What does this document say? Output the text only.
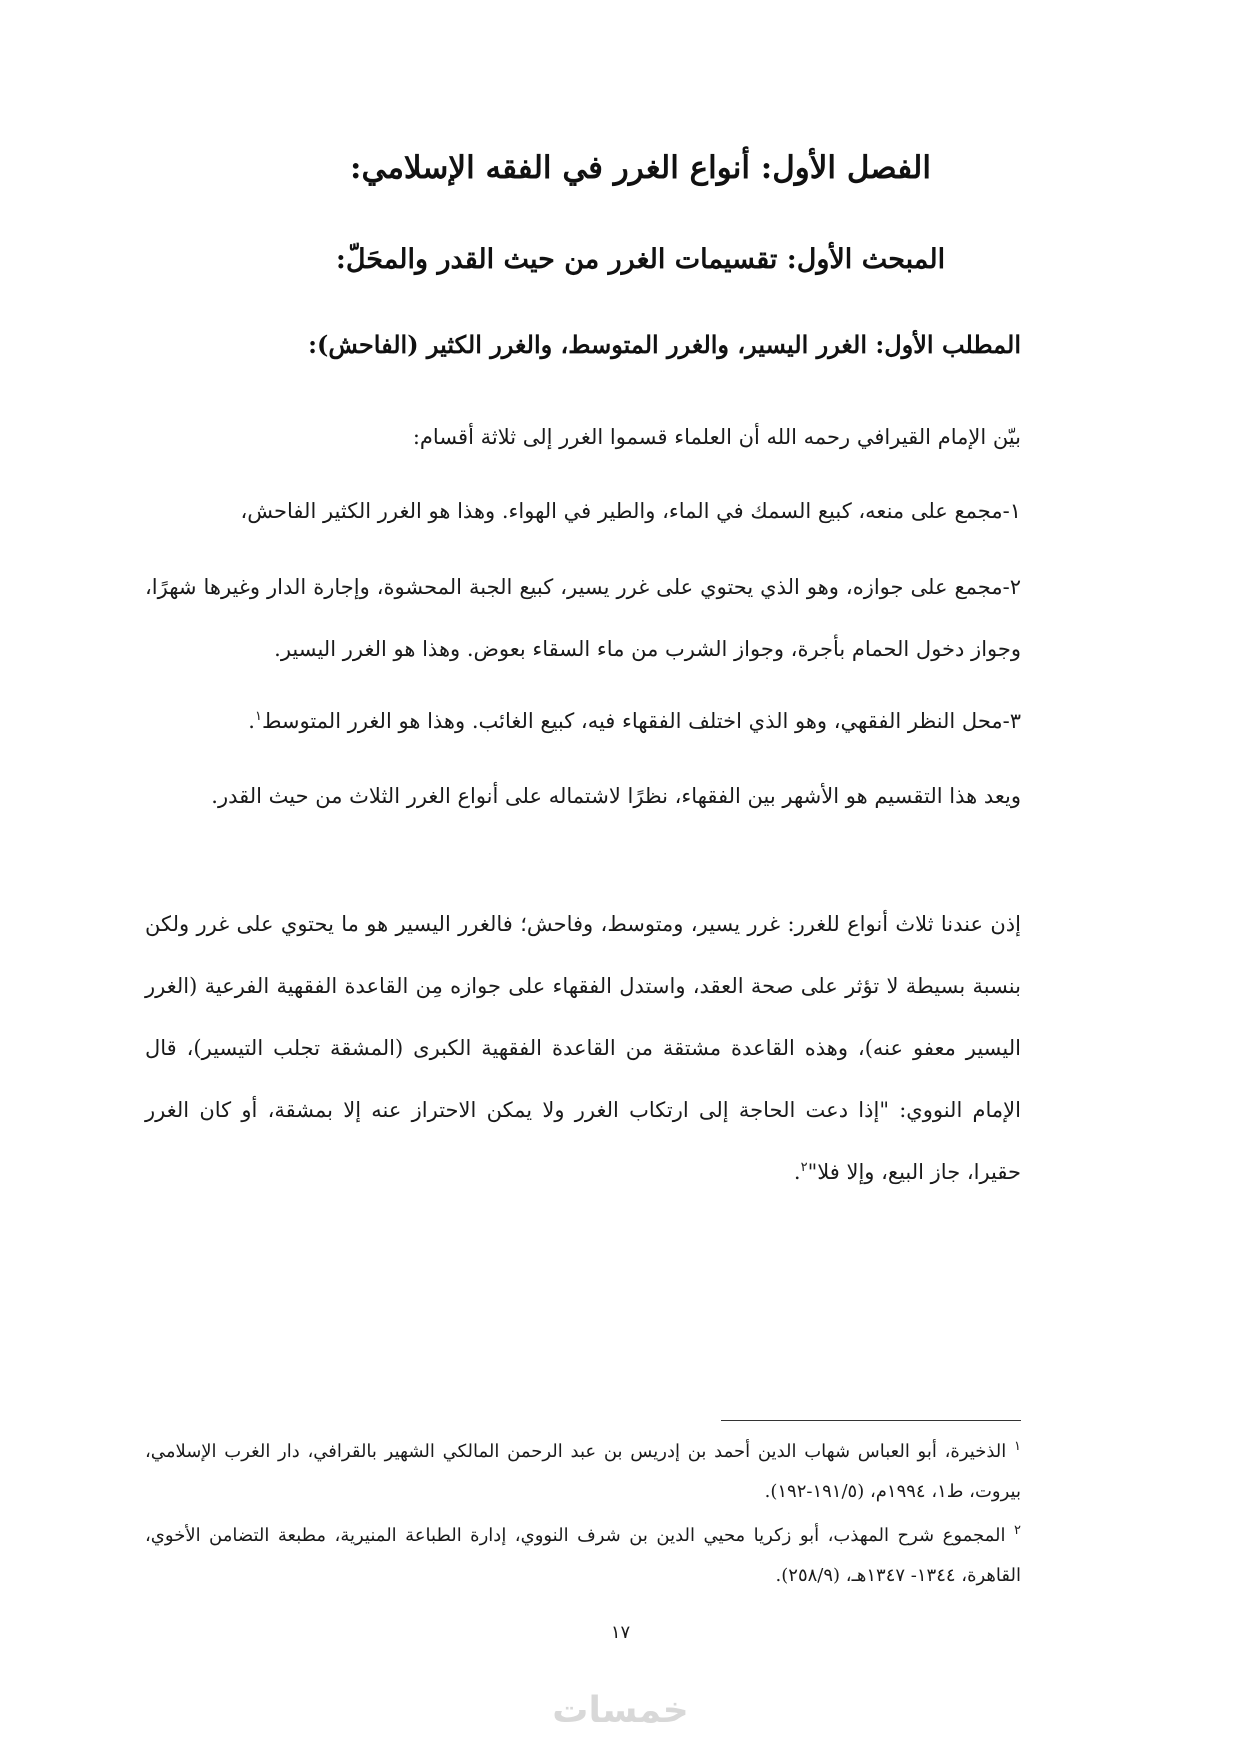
الفصل الأول: أنواع الغرر في الفقه الإسلامي:
المبحث الأول: تقسيمات الغرر من حيث القدر والمحَلّ:
المطلب الأول: الغرر اليسير، والغرر المتوسط، والغرر الكثير (الفاحش):

بيّن الإمام القيرافي رحمه الله أن العلماء قسموا الغرر إلى ثلاثة أقسام:

١-مجمع على منعه، كبيع السمك في الماء، والطير في الهواء. وهذا هو الغرر الكثير الفاحش،

٢-مجمع على جوازه، وهو الذي يحتوي على غرر يسير، كبيع الجبة المحشوة، وإجارة الدار وغيرها شهرًا، وجواز دخول الحمام بأجرة، وجواز الشرب من ماء السقاء بعوض. وهذا هو الغرر اليسير.

٣-محل النظر الفقهي، وهو الذي اختلف الفقهاء فيه، كبيع الغائب. وهذا هو الغرر المتوسط$^١$.

ويعد هذا التقسيم هو الأشهر بين الفقهاء، نظرًا لاشتماله على أنواع الغرر الثلاث من حيث القدر.

إذن عندنا ثلاث أنواع للغرر: غرر يسير، ومتوسط، وفاحش؛ فالغرر اليسير هو ما يحتوي على غرر ولكن بنسبة بسيطة لا تؤثر على صحة العقد، واستدل الفقهاء على جوازه مِن القاعدة الفقهية الفرعية (الغرر اليسير معفو عنه)، وهذه القاعدة مشتقة من القاعدة الفقهية الكبرى (المشقة تجلب التيسير)، قال الإمام النووي: "إذا دعت الحاجة إلى ارتكاب الغرر ولا يمكن الاحتراز عنه إلا بمشقة، أو كان الغرر حقيرا، جاز البيع، وإلا فلا"$^٢$.

$^١$ الذخيرة، أبو العباس شهاب الدين أحمد بن إدريس بن عبد الرحمن المالكي الشهير بالقرافي، دار الغرب الإسلامي، بيروت، ط١، ١٩٩٤م، (١٩١/٥-١٩٢).

$^٢$ المجموع شرح المهذب، أبو زكريا محيي الدين بن شرف النووي، إدارة الطباعة المنيرية، مطبعة التضامن الأخوي، القاهرة، ١٣٤٤- ١٣٤٧هـ، (٢٥٨/٩).

١٧
خمسات
